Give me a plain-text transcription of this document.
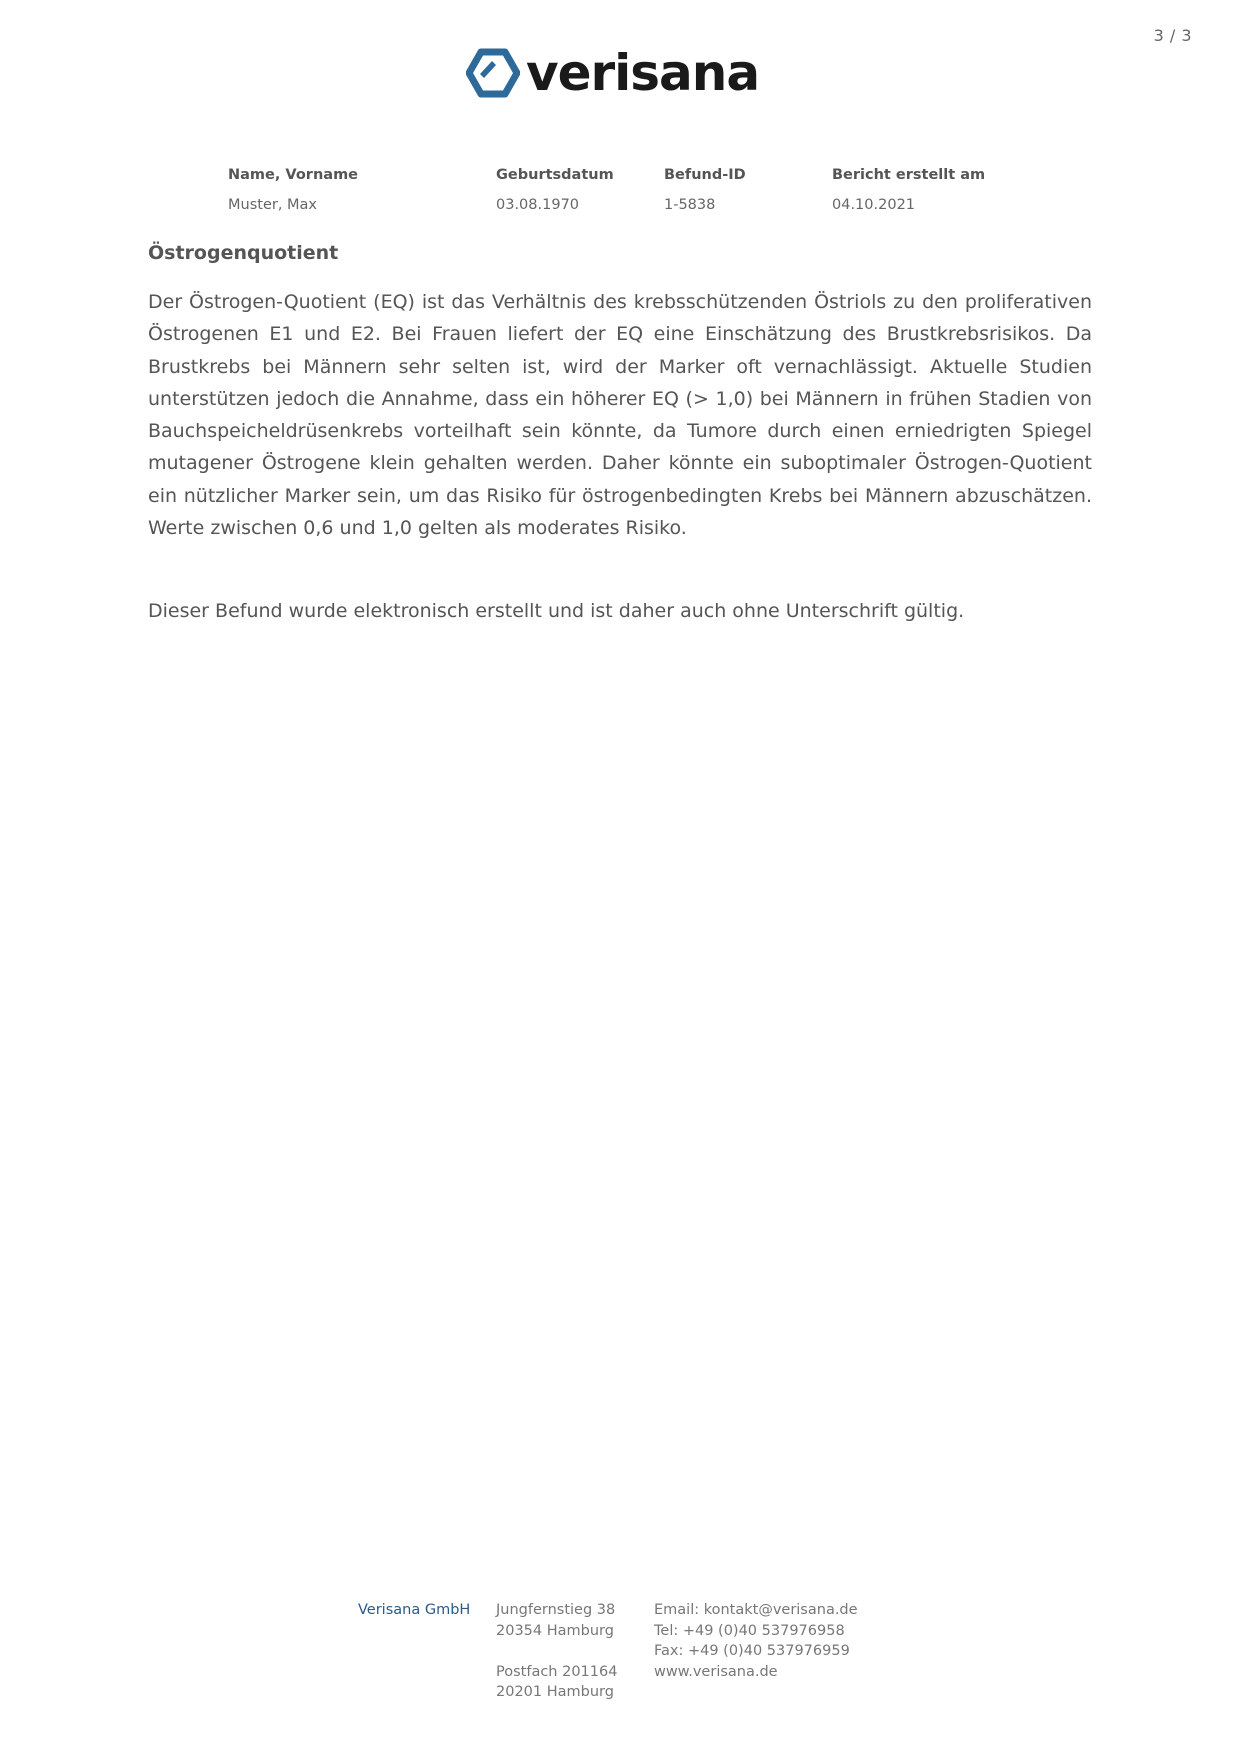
3 / 3
verisana
Name, Vorname	Geburtsdatum	Befund-ID	Bericht erstellt am
Muster, Max	03.08.1970	1-5838	04.10.2021
Östrogenquotient

Der Östrogen-Quotient (EQ) ist das Verhältnis des krebsschützenden Östriols zu den proliferativen Östrogenen E1 und E2. Bei Frauen liefert der EQ eine Einschätzung des Brustkrebsrisikos. Da Brustkrebs bei Männern sehr selten ist, wird der Marker oft vernachlässigt. Aktuelle Studien unterstützen jedoch die Annahme, dass ein höherer EQ (> 1,0) bei Männern in frühen Stadien von Bauchspeicheldrüsenkrebs vorteilhaft sein könnte, da Tumore durch einen erniedrigten Spiegel mutagener Östrogene klein gehalten werden. Daher könnte ein suboptimaler Östrogen-Quotient ein nützlicher Marker sein, um das Risiko für östrogenbedingten Krebs bei Männern abzuschätzen. Werte zwischen 0,6 und 1,0 gelten als moderates Risiko.

Dieser Befund wurde elektronisch erstellt und ist daher auch ohne Unterschrift gültig.

Verisana GmbH	Jungfernstieg 38
20354 Hamburg
Postfach 201164
20201 Hamburg
Email: kontakt@verisana.de
Tel: +49 (0)40 537976958
Fax: +49 (0)40 537976959
www.verisana.de
